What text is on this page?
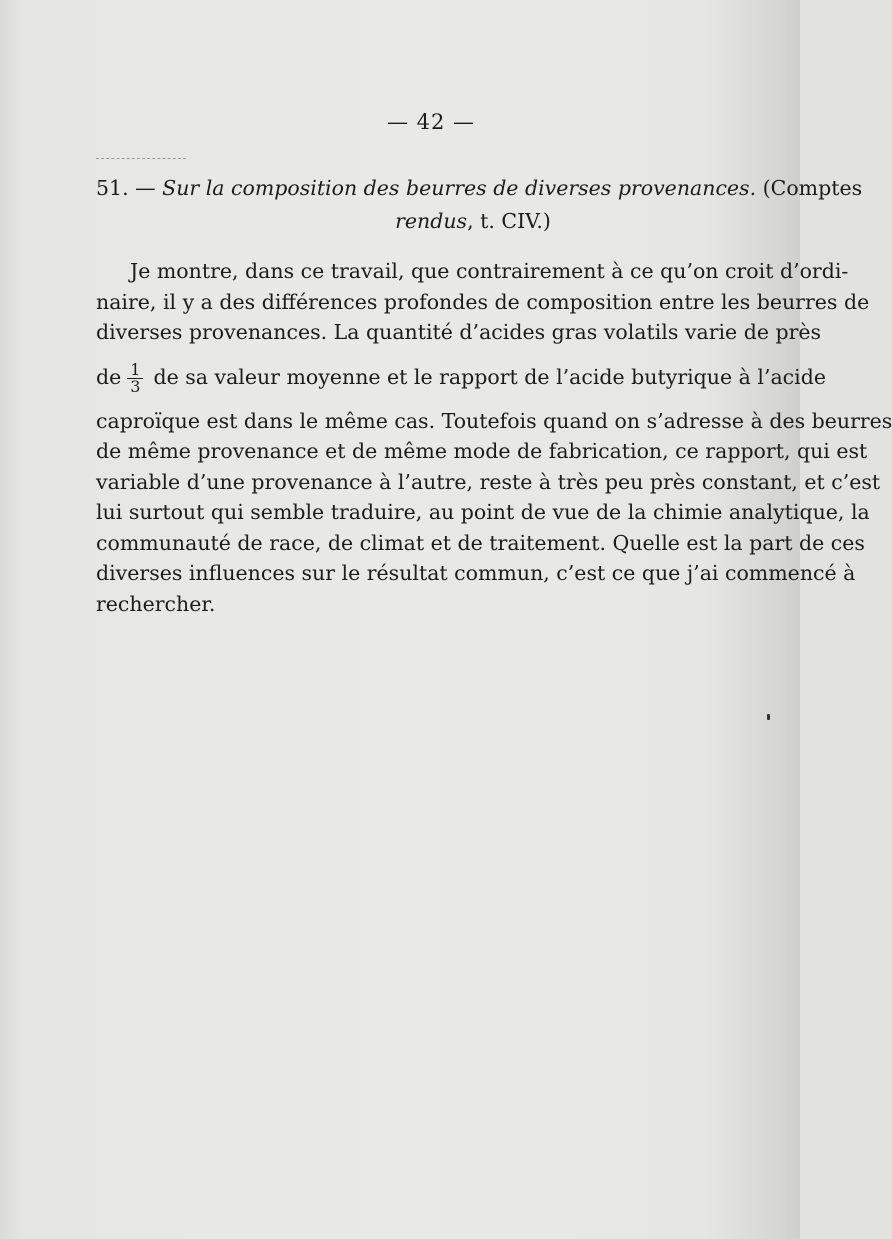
— 42 —
51. — Sur la composition des beurres de diverses provenances. (Comptes
rendus, t. CIV.)
Je montre, dans ce travail, que contrairement à ce qu’on croit d’ordi-
naire, il y a des différences profondes de composition entre les beurres de
diverses provenances. La quantité d’acides gras volatils varie de près
de $\frac{1}{3}$ de sa valeur moyenne et le rapport de l’acide butyrique à l’acide
caproïque est dans le même cas. Toutefois quand on s’adresse à des beurres
de même provenance et de même mode de fabrication, ce rapport, qui est
variable d’une provenance à l’autre, reste à très peu près constant, et c’est
lui surtout qui semble traduire, au point de vue de la chimie analytique, la
communauté de race, de climat et de traitement. Quelle est la part de ces
diverses influences sur le résultat commun, c’est ce que j’ai commencé à
rechercher.
